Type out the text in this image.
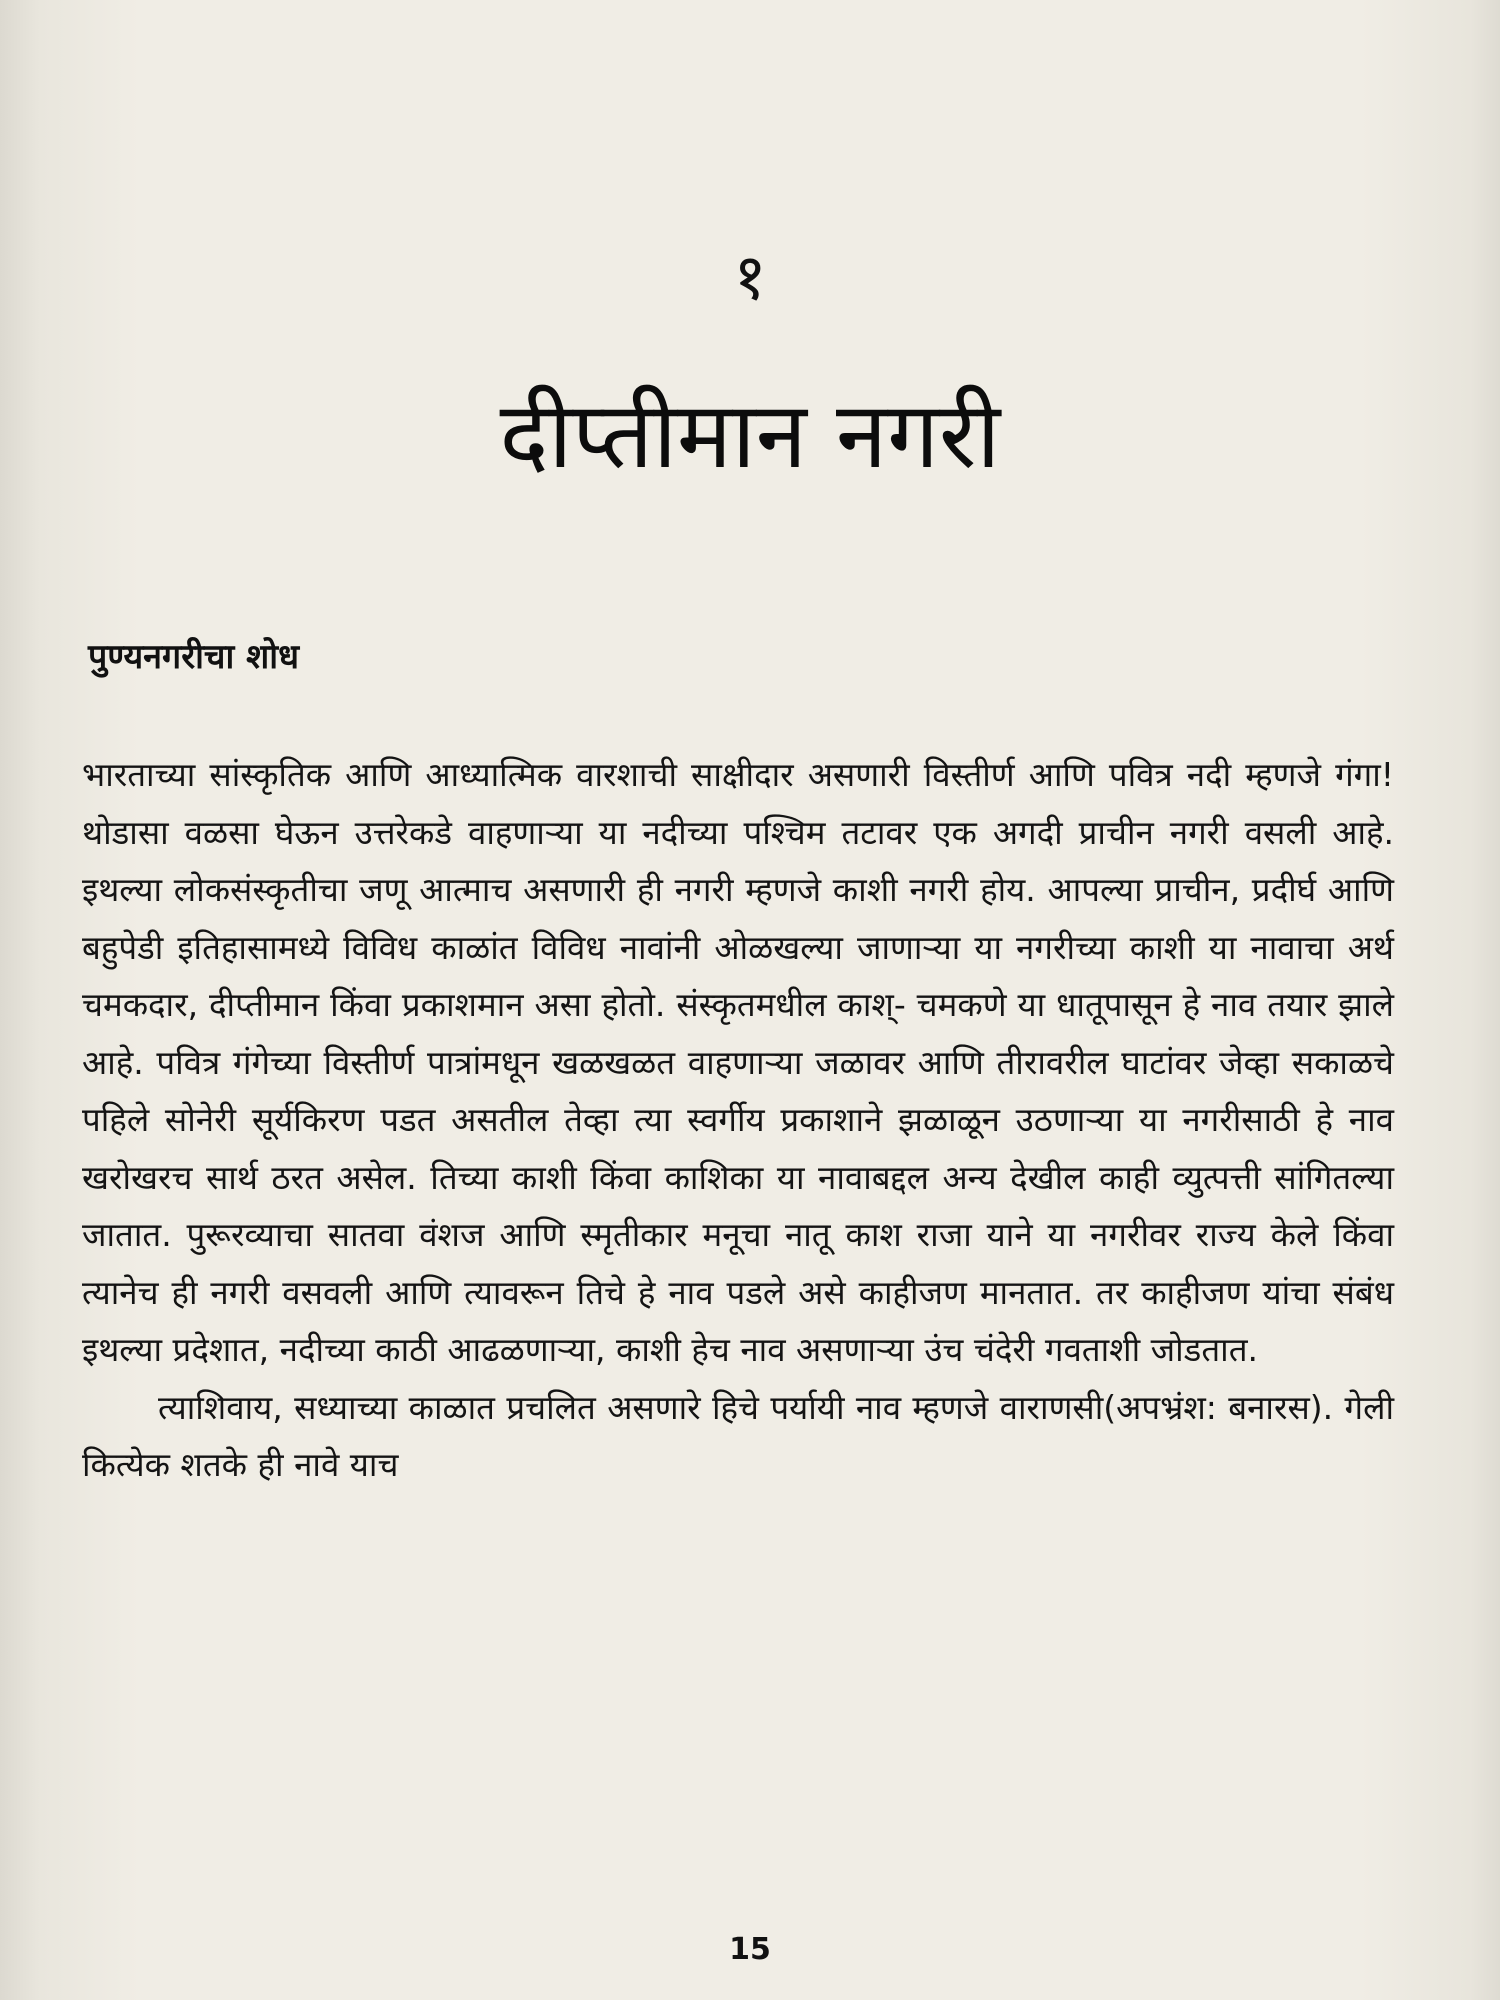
१
दीप्तीमान नगरी
पुण्यनगरीचा शोध

भारताच्या सांस्कृतिक आणि आध्यात्मिक वारशाची साक्षीदार असणारी विस्तीर्ण आणि पवित्र नदी म्हणजे गंगा! थोडासा वळसा घेऊन उत्तरेकडे वाहणाऱ्या या नदीच्या पश्चिम तटावर एक अगदी प्राचीन नगरी वसली आहे. इथल्या लोकसंस्कृतीचा जणू आत्माच असणारी ही नगरी म्हणजे काशी नगरी होय. आपल्या प्राचीन, प्रदीर्घ आणि बहुपेडी इतिहासामध्ये विविध काळांत विविध नावांनी ओळखल्या जाणाऱ्या या नगरीच्या काशी या नावाचा अर्थ चमकदार, दीप्तीमान किंवा प्रकाशमान असा होतो. संस्कृतमधील काश्- चमकणे या धातूपासून हे नाव तयार झाले आहे. पवित्र गंगेच्या विस्तीर्ण पात्रांमधून खळखळत वाहणाऱ्या जळावर आणि तीरावरील घाटांवर जेव्हा सकाळचे पहिले सोनेरी सूर्यकिरण पडत असतील तेव्हा त्या स्वर्गीय प्रकाशाने झळाळून उठणाऱ्या या नगरीसाठी हे नाव खरोखरच सार्थ ठरत असेल. तिच्या काशी किंवा काशिका या नावाबद्दल अन्य देखील काही व्युत्पत्ती सांगितल्या जातात. पुरूरव्याचा सातवा वंशज आणि स्मृतीकार मनूचा नातू काश राजा याने या नगरीवर राज्य केले किंवा त्यानेच ही नगरी वसवली आणि त्यावरून तिचे हे नाव पडले असे काहीजण मानतात. तर काहीजण यांचा संबंध इथल्या प्रदेशात, नदीच्या काठी आढळणाऱ्या, काशी हेच नाव असणाऱ्या उंच चंदेरी गवताशी जोडतात.

त्याशिवाय, सध्याच्या काळात प्रचलित असणारे हिचे पर्यायी नाव म्हणजे वाराणसी(अपभ्रंश: बनारस). गेली कित्येक शतके ही नावे याच

15
